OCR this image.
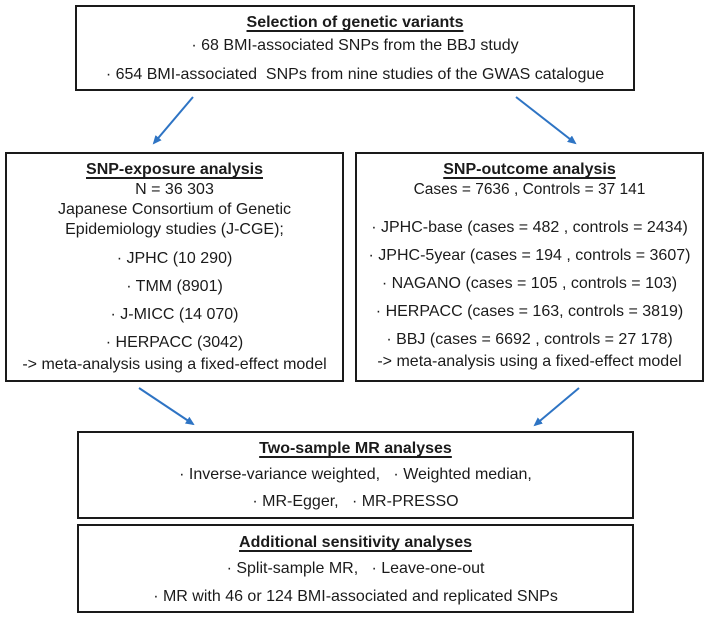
Selection of genetic variants
· 68 BMI-associated SNPs from the BBJ study
· 654 BMI-associated  SNPs from nine studies of the GWAS catalogue
SNP-exposure analysis
N = 36 303
Japanese Consortium of Genetic
Epidemiology studies (J-CGE);
· JPHC (10 290)
· TMM (8901)
· J-MICC (14 070)
· HERPACC (3042)
-> meta-analysis using a fixed-effect model
SNP-outcome analysis
Cases = 7636 , Controls = 37 141
· JPHC-base (cases = 482 , controls = 2434)
· JPHC-5year (cases = 194 , controls = 3607)
· NAGANO (cases = 105 , controls = 103)
· HERPACC (cases = 163, controls = 3819)
· BBJ (cases = 6692 , controls = 27 178)
-> meta-analysis using a fixed-effect model
Two-sample MR analyses
· Inverse-variance weighted,   · Weighted median,
· MR-Egger,   · MR-PRESSO
Additional sensitivity analyses
· Split-sample MR,   · Leave-one-out
· MR with 46 or 124 BMI-associated and replicated SNPs
